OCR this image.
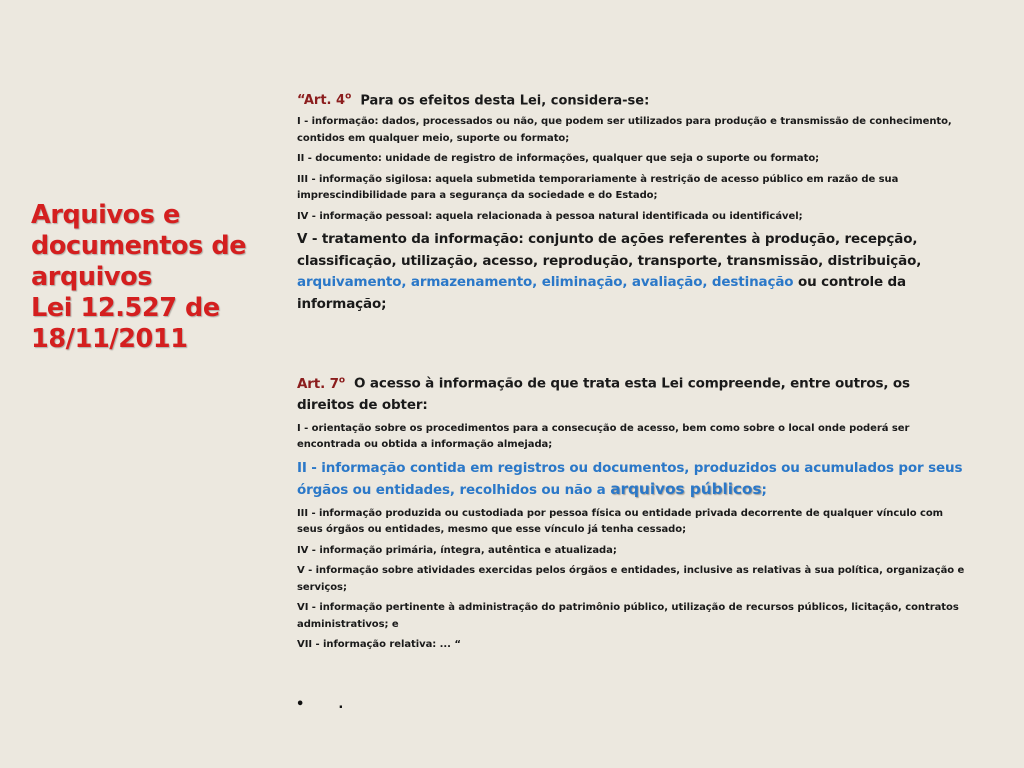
Arquivos e
documentos de
arquivos
Lei 12.527 de
18/11/2011

“Art. 4$^o$ Para os efeitos desta Lei, considera-se:

I - informação: dados, processados ou não, que podem ser utilizados para produção e transmissão de conhecimento, contidos em qualquer meio, suporte ou formato;

II - documento: unidade de registro de informações, qualquer que seja o suporte ou formato;

III - informação sigilosa: aquela submetida temporariamente à restrição de acesso público em razão de sua imprescindibilidade para a segurança da sociedade e do Estado;

IV - informação pessoal: aquela relacionada à pessoa natural identificada ou identificável;

V - tratamento da informação: conjunto de ações referentes à produção, recepção, classificação, utilização, acesso, reprodução, transporte, transmissão, distribuição, arquivamento, armazenamento, eliminação, avaliação, destinação ou controle da informação;

Art. 7$^o$ O acesso à informação de que trata esta Lei compreende, entre outros, os direitos de obter:

I - orientação sobre os procedimentos para a consecução de acesso, bem como sobre o local onde poderá ser encontrada ou obtida a informação almejada;

II - informação contida em registros ou documentos, produzidos ou acumulados por seus órgãos ou entidades, recolhidos ou não a arquivos públicos;

III - informação produzida ou custodiada por pessoa física ou entidade privada decorrente de qualquer vínculo com seus órgãos ou entidades, mesmo que esse vínculo já tenha cessado;

IV - informação primária, íntegra, autêntica e atualizada;

V - informação sobre atividades exercidas pelos órgãos e entidades, inclusive as relativas à sua política, organização e serviços;

VI - informação pertinente à administração do patrimônio público, utilização de recursos públicos, licitação, contratos administrativos; e

VII - informação relativa: ... “

•	.
